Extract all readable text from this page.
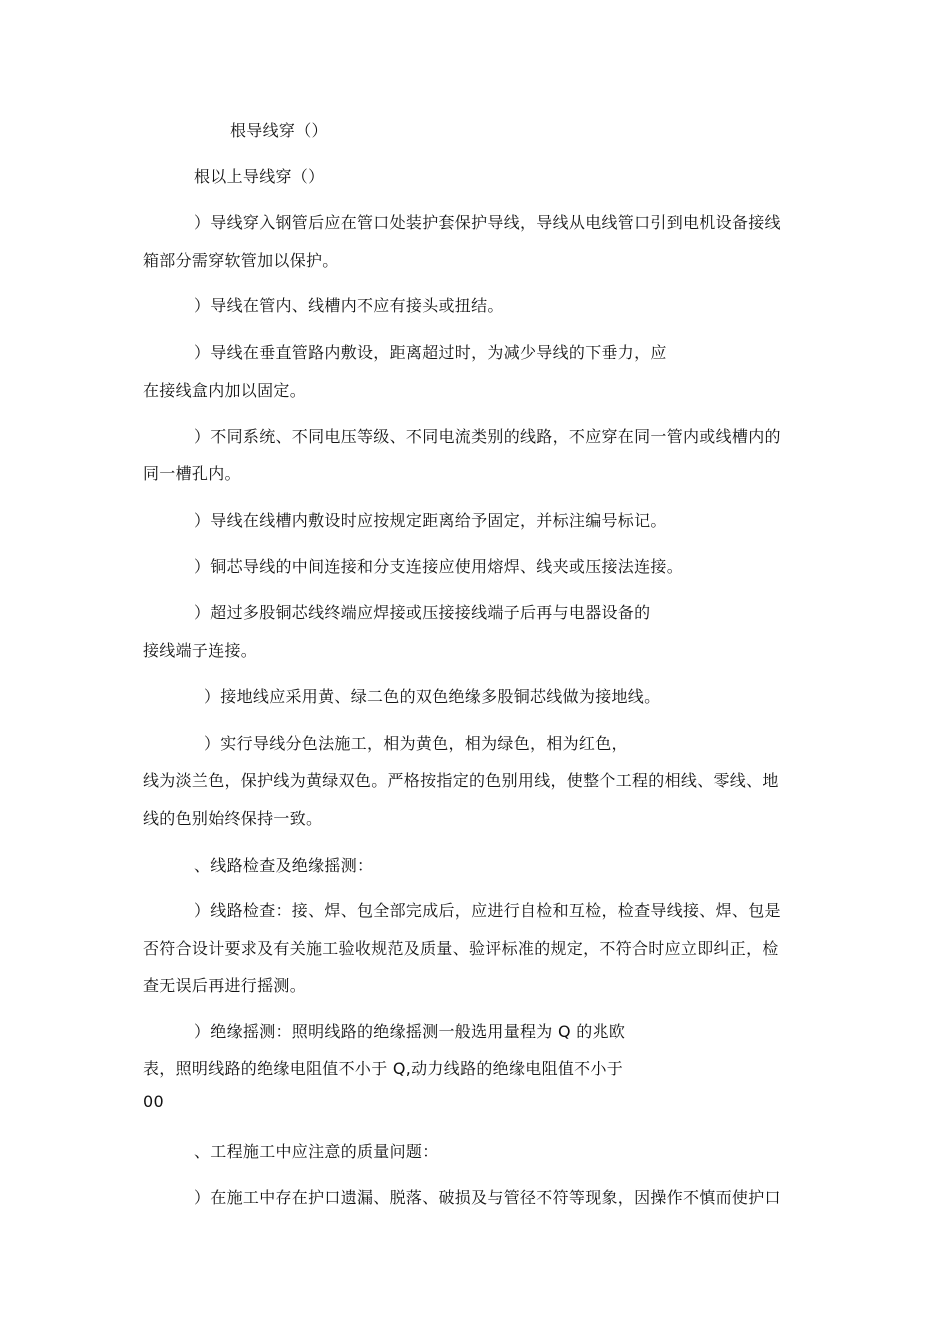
根导线穿（）
根以上导线穿（）
）导线穿入钢管后应在管口处装护套保护导线，导线从电线管口引到电机设备接线
箱部分需穿软管加以保护。
）导线在管内、线槽内不应有接头或扭结。
）导线在垂直管路内敷设，距离超过时，为减少导线的下垂力，应
在接线盒内加以固定。
）不同系统、不同电压等级、不同电流类别的线路，不应穿在同一管内或线槽内的
同一槽孔内。
）导线在线槽内敷设时应按规定距离给予固定，并标注编号标记。
）铜芯导线的中间连接和分支连接应使用熔焊、线夹或压接法连接。
）超过多股铜芯线终端应焊接或压接接线端子后再与电器设备的
接线端子连接。
）接地线应采用黄、绿二色的双色绝缘多股铜芯线做为接地线。
）实行导线分色法施工，相为黄色，相为绿色，相为红色，
线为淡兰色，保护线为黄绿双色。严格按指定的色别用线，使整个工程的相线、零线、地
线的色别始终保持一致。
、线路检查及绝缘摇测：
）线路检查：接、焊、包全部完成后，应进行自检和互检，检查导线接、焊、包是
否符合设计要求及有关施工验收规范及质量、验评标准的规定，不符合时应立即纠正，检
查无误后再进行摇测。
）绝缘摇测：照明线路的绝缘摇测一般选用量程为 Q 的兆欧
表，照明线路的绝缘电阻值不小于 Q,动力线路的绝缘电阻值不小于
00
、工程施工中应注意的质量问题：
）在施工中存在护口遗漏、脱落、破损及与管径不符等现象，因操作不慎而使护口
